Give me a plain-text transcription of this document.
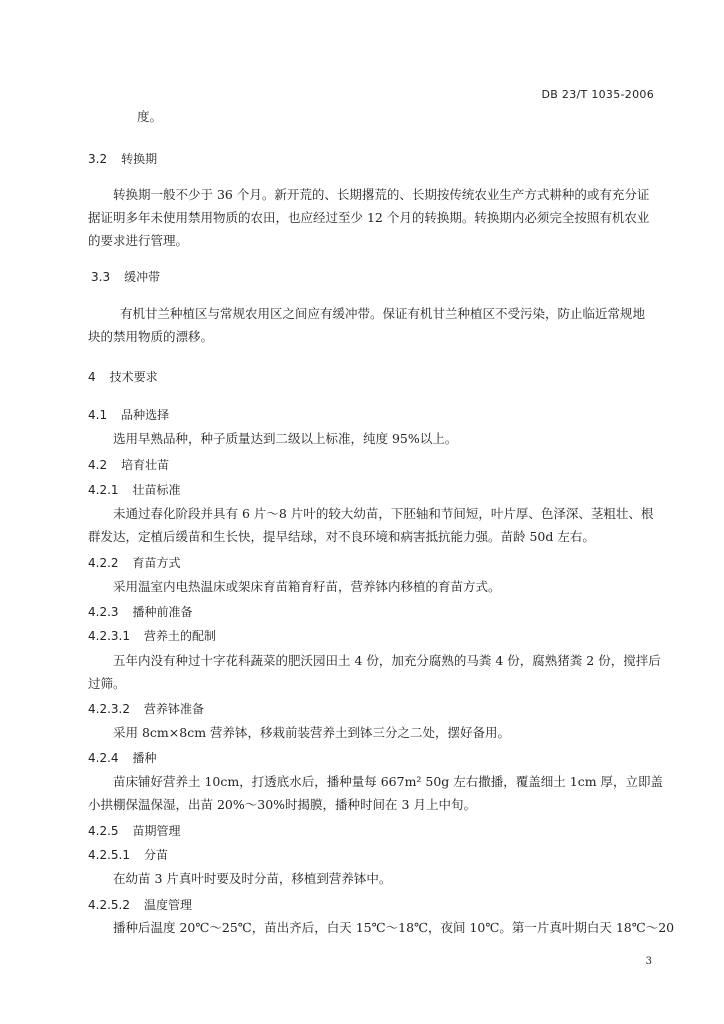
DB 23/T 1035-2006
度。
3.2 转换期
转换期一般不少于 36 个月。新开荒的、长期撂荒的、长期按传统农业生产方式耕种的或有充分证
据证明多年未使用禁用物质的农田，也应经过至少 12 个月的转换期。转换期内必须完全按照有机农业
的要求进行管理。
3.3 缓冲带
有机甘兰种植区与常规农用区之间应有缓冲带。保证有机甘兰种植区不受污染，防止临近常规地
块的禁用物质的漂移。
4 技术要求
4.1 品种选择
选用早熟品种，种子质量达到二级以上标准，纯度 95%以上。
4.2 培育壮苗
4.2.1 壮苗标准
未通过春化阶段并具有 6 片～8 片叶的较大幼苗，下胚轴和节间短，叶片厚、色泽深、茎粗壮、根
群发达，定植后缓苗和生长快，提早结球，对不良环境和病害抵抗能力强。苗龄 50d 左右。
4.2.2 育苗方式
采用温室内电热温床或架床育苗箱育籽苗，营养钵内移植的育苗方式。
4.2.3 播种前准备
4.2.3.1 营养土的配制
五年内没有种过十字花科蔬菜的肥沃园田土 4 份，加充分腐熟的马粪 4 份，腐熟猪粪 2 份，搅拌后
过筛。
4.2.3.2 营养钵准备
采用 8cm×8cm 营养钵，移栽前装营养土到钵三分之二处，摆好备用。
4.2.4 播种
苗床铺好营养土 10cm，打透底水后，播种量每 667m² 50g 左右撒播，覆盖细土 1cm 厚，立即盖
小拱棚保温保湿，出苗 20%～30%时揭膜，播种时间在 3 月上中旬。
4.2.5 苗期管理
4.2.5.1 分苗
在幼苗 3 片真叶时要及时分苗，移植到营养钵中。
4.2.5.2 温度管理
播种后温度 20℃～25℃，苗出齐后，白天 15℃～18℃，夜间 10℃。第一片真叶期白天 18℃～20
3
